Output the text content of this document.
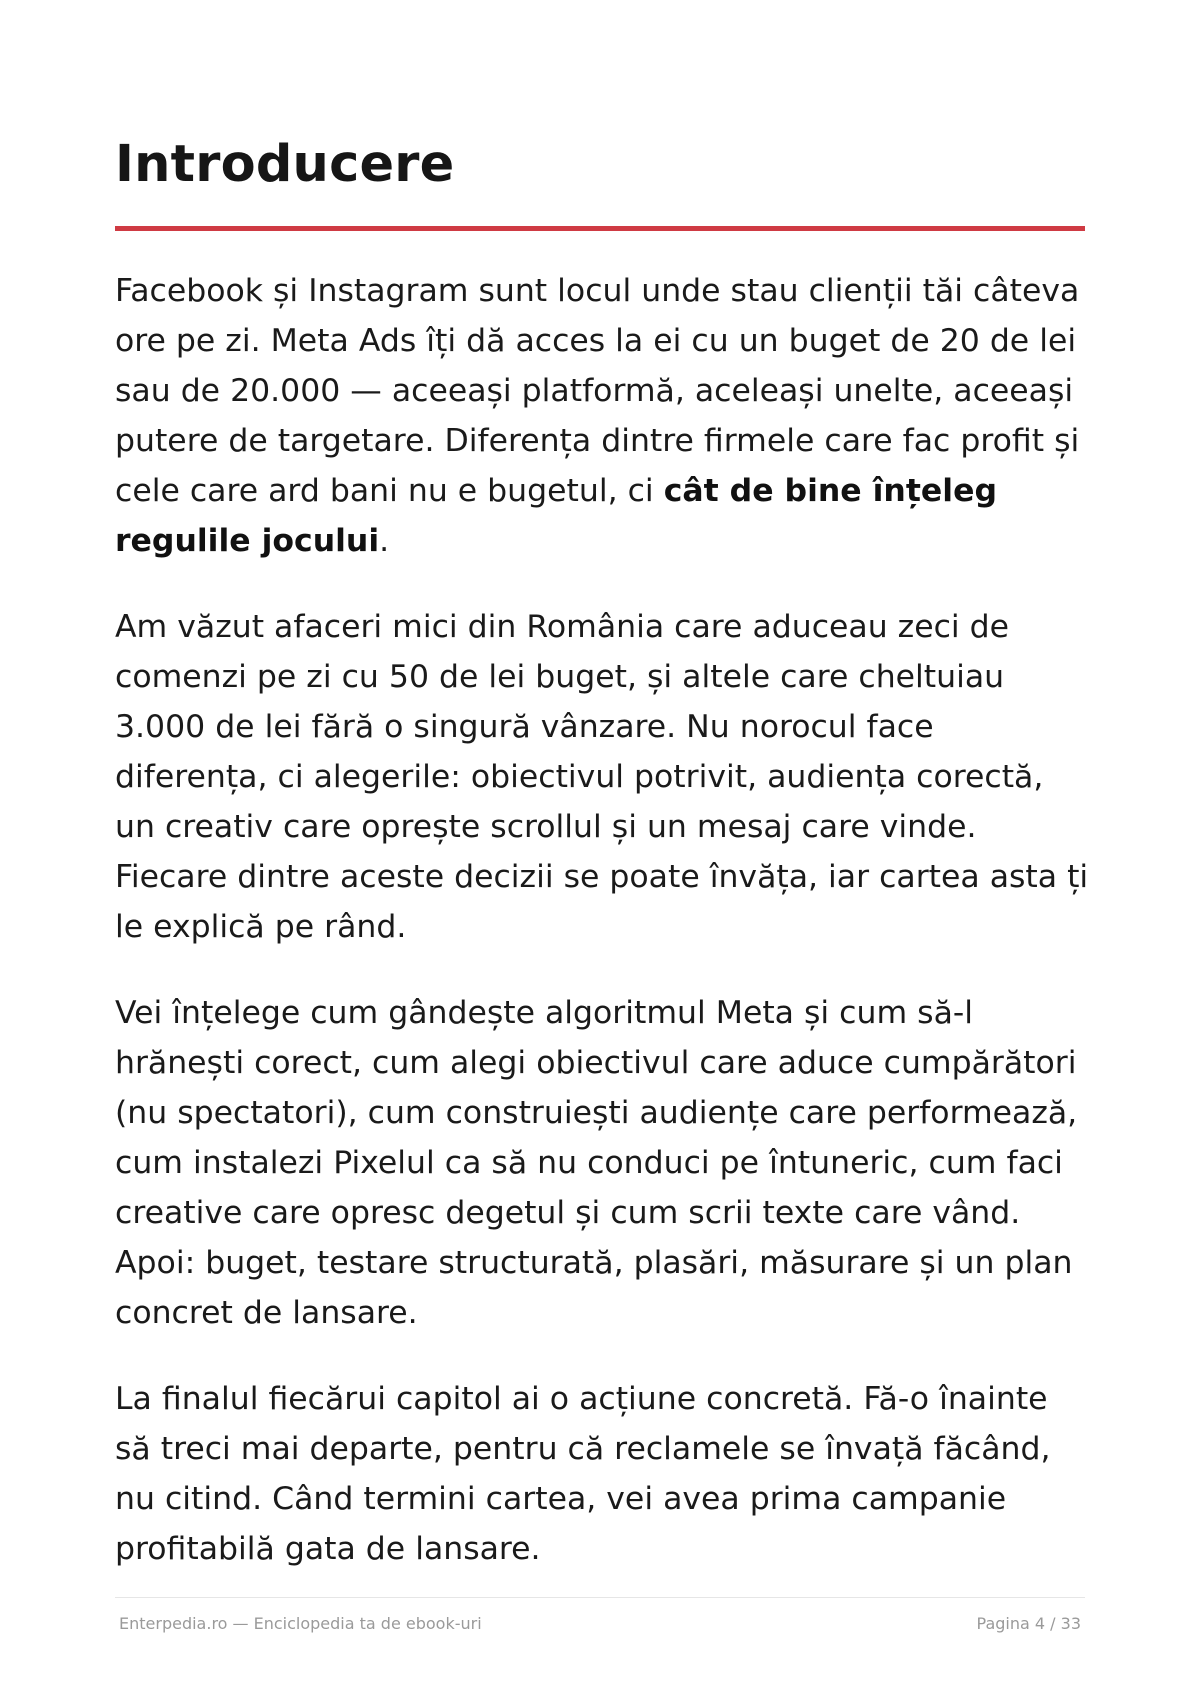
Introducere

Facebook și Instagram sunt locul unde stau clienții tăi câteva ore pe zi. Meta Ads îți dă acces la ei cu un buget de 20 de lei sau de 20.000 — aceeași platformă, aceleași unelte, aceeași putere de targetare. Diferența dintre firmele care fac profit și cele care ard bani nu e bugetul, ci cât de bine înțeleg regulile jocului.

Am văzut afaceri mici din România care aduceau zeci de comenzi pe zi cu 50 de lei buget, și altele care cheltuiau 3.000 de lei fără o singură vânzare. Nu norocul face diferența, ci alegerile: obiectivul potrivit, audiența corectă, un creativ care oprește scrollul și un mesaj care vinde. Fiecare dintre aceste decizii se poate învăța, iar cartea asta ți le explică pe rând.

Vei înțelege cum gândește algoritmul Meta și cum să-l hrănești corect, cum alegi obiectivul care aduce cumpărători (nu spectatori), cum construiești audiențe care performează, cum instalezi Pixelul ca să nu conduci pe întuneric, cum faci creative care opresc degetul și cum scrii texte care vând. Apoi: buget, testare structurată, plasări, măsurare și un plan concret de lansare.

La finalul fiecărui capitol ai o acțiune concretă. Fă-o înainte să treci mai departe, pentru că reclamele se învață făcând, nu citind. Când termini cartea, vei avea prima campanie profitabilă gata de lansare.

Enterpedia.ro — Enciclopedia ta de ebook-uri	Pagina 4 / 33
